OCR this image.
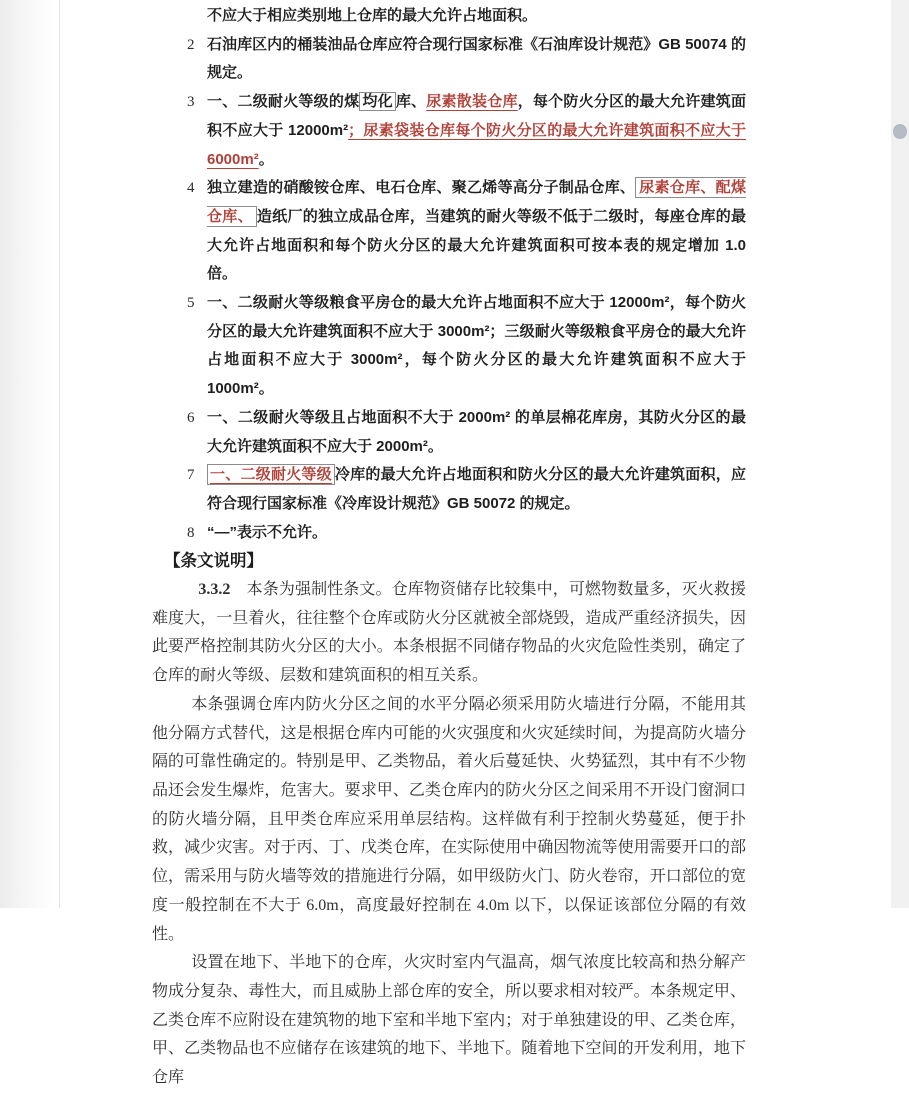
不应大于相应类别地上仓库的最大允许占地面积。
2 石油库区内的桶装油品仓库应符合现行国家标准《石油库设计规范》GB 50074 的规定。
3 一、二级耐火等级的煤 均化 库、尿素散装仓库，每个防火分区的最大允许建筑面积不应大于 12000m²；尿素袋装仓库每个防火分区的最大允许建筑面积不应大于 6000m²。
4 独立建造的硝酸铵仓库、电石仓库、聚乙烯等高分子制品仓库、 尿素仓库、配煤仓库、 造纸厂的独立成品仓库，当建筑的耐火等级不低于二级时，每座仓库的最大允许占地面积和每个防火分区的最大允许建筑面积可按本表的规定增加 1.0 倍。
5 一、二级耐火等级粮食平房仓的最大允许占地面积不应大于 12000m²，每个防火分区的最大允许建筑面积不应大于 3000m²；三级耐火等级粮食平房仓的最大允许占地面积不应大于 3000m²，每个防火分区的最大允许建筑面积不应大于 1000m²。
6 一、二级耐火等级且占地面积不大于 2000m² 的单层棉花库房，其防火分区的最大允许建筑面积不应大于 2000m²。
7	一、二级耐火等级 冷库的最大允许占地面积和防火分区的最大允许建筑面积，应符合现行国家标准《冷库设计规范》GB 50072 的规定。
8 “—”表示不允许。
【条文说明】

3.3.2　本条为强制性条文。仓库物资储存比较集中，可燃物数量多，灭火救援难度大，一旦着火，往往整个仓库或防火分区就被全部烧毁，造成严重经济损失，因此要严格控制其防火分区的大小。本条根据不同储存物品的火灾危险性类别，确定了仓库的耐火等级、层数和建筑面积的相互关系。

本条强调仓库内防火分区之间的水平分隔必须采用防火墙进行分隔，不能用其他分隔方式替代，这是根据仓库内可能的火灾强度和火灾延续时间，为提高防火墙分隔的可靠性确定的。特别是甲、乙类物品，着火后蔓延快、火势猛烈，其中有不少物品还会发生爆炸，危害大。要求甲、乙类仓库内的防火分区之间采用不开设门窗洞口的防火墙分隔，且甲类仓库应采用单层结构。这样做有利于控制火势蔓延，便于扑救，减少灾害。对于丙、丁、戊类仓库，在实际使用中确因物流等使用需要开口的部位，需采用与防火墙等效的措施进行分隔，如甲级防火门、防火卷帘，开口部位的宽度一般控制在不大于 6.0m，高度最好控制在 4.0m 以下，以保证该部位分隔的有效性。

设置在地下、半地下的仓库，火灾时室内气温高，烟气浓度比较高和热分解产物成分复杂、毒性大，而且威胁上部仓库的安全，所以要求相对较严。本条规定甲、乙类仓库不应附设在建筑物的地下室和半地下室内；对于单独建设的甲、乙类仓库，甲、乙类物品也不应储存在该建筑的地下、半地下。随着地下空间的开发利用，地下仓库
